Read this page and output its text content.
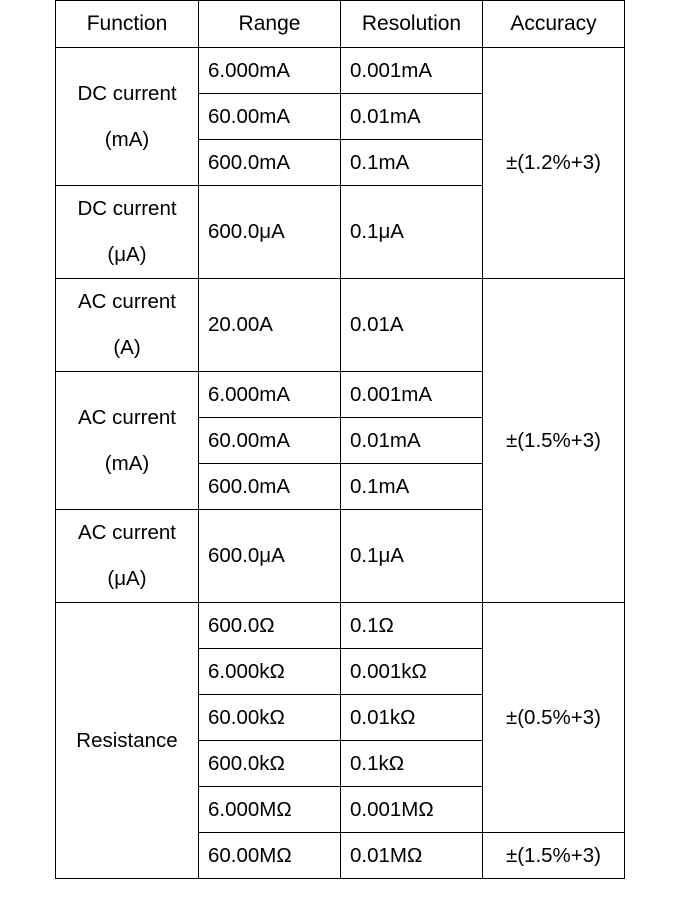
Function	Range	Resolution	Accuracy

DC current
(mA)	6.000mA	0.001mA	±(1.2%+3)
	60.00mA	0.01mA	
	600.0mA	0.1mA	

DC current
(μA)	600.0μA	0.1μA	

AC current
(A)	20.00A	0.01A	±(1.5%+3)

AC current
(mA)	6.000mA	0.001mA	
	60.00mA	0.01mA	
	600.0mA	0.1mA	

AC current
(μA)	600.0μA	0.1μA	

Resistance	600.0Ω	0.1Ω	±(0.5%+3)
	6.000kΩ	0.001kΩ	
	60.00kΩ	0.01kΩ	
	600.0kΩ	0.1kΩ	
	6.000MΩ	0.001MΩ	
	60.00MΩ	0.01MΩ	±(1.5%+3)
